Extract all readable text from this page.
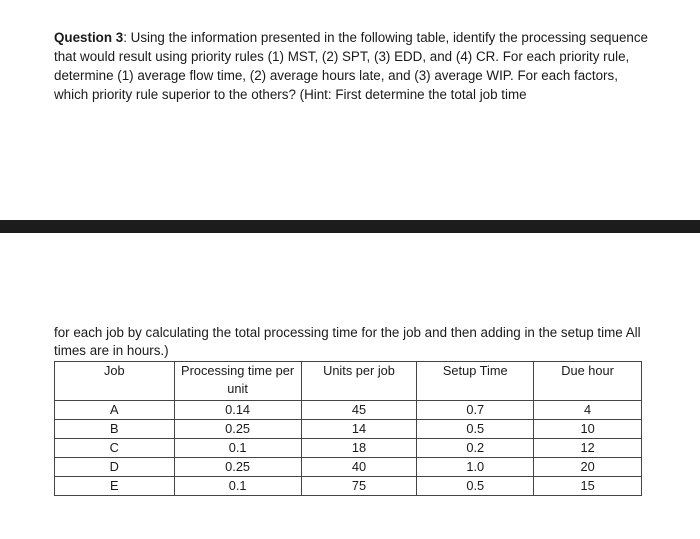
Question 3: Using the information presented in the following table, identify the processing sequence that would result using priority rules (1) MST, (2) SPT, (3) EDD, and (4) CR. For each priority rule, determine (1) average flow time, (2) average hours late, and (3) average WIP. For each factors, which priority rule superior to the others? (Hint: First determine the total job time
for each job by calculating the total processing time for the job and then adding in the setup time All times are in hours.)
Job	Processing time per unit	Units per job	Setup Time	Due hour
A	0.14	45	0.7	4
B	0.25	14	0.5	10
C	0.1	18	0.2	12
D	0.25	40	1.0	20
E	0.1	75	0.5	15
